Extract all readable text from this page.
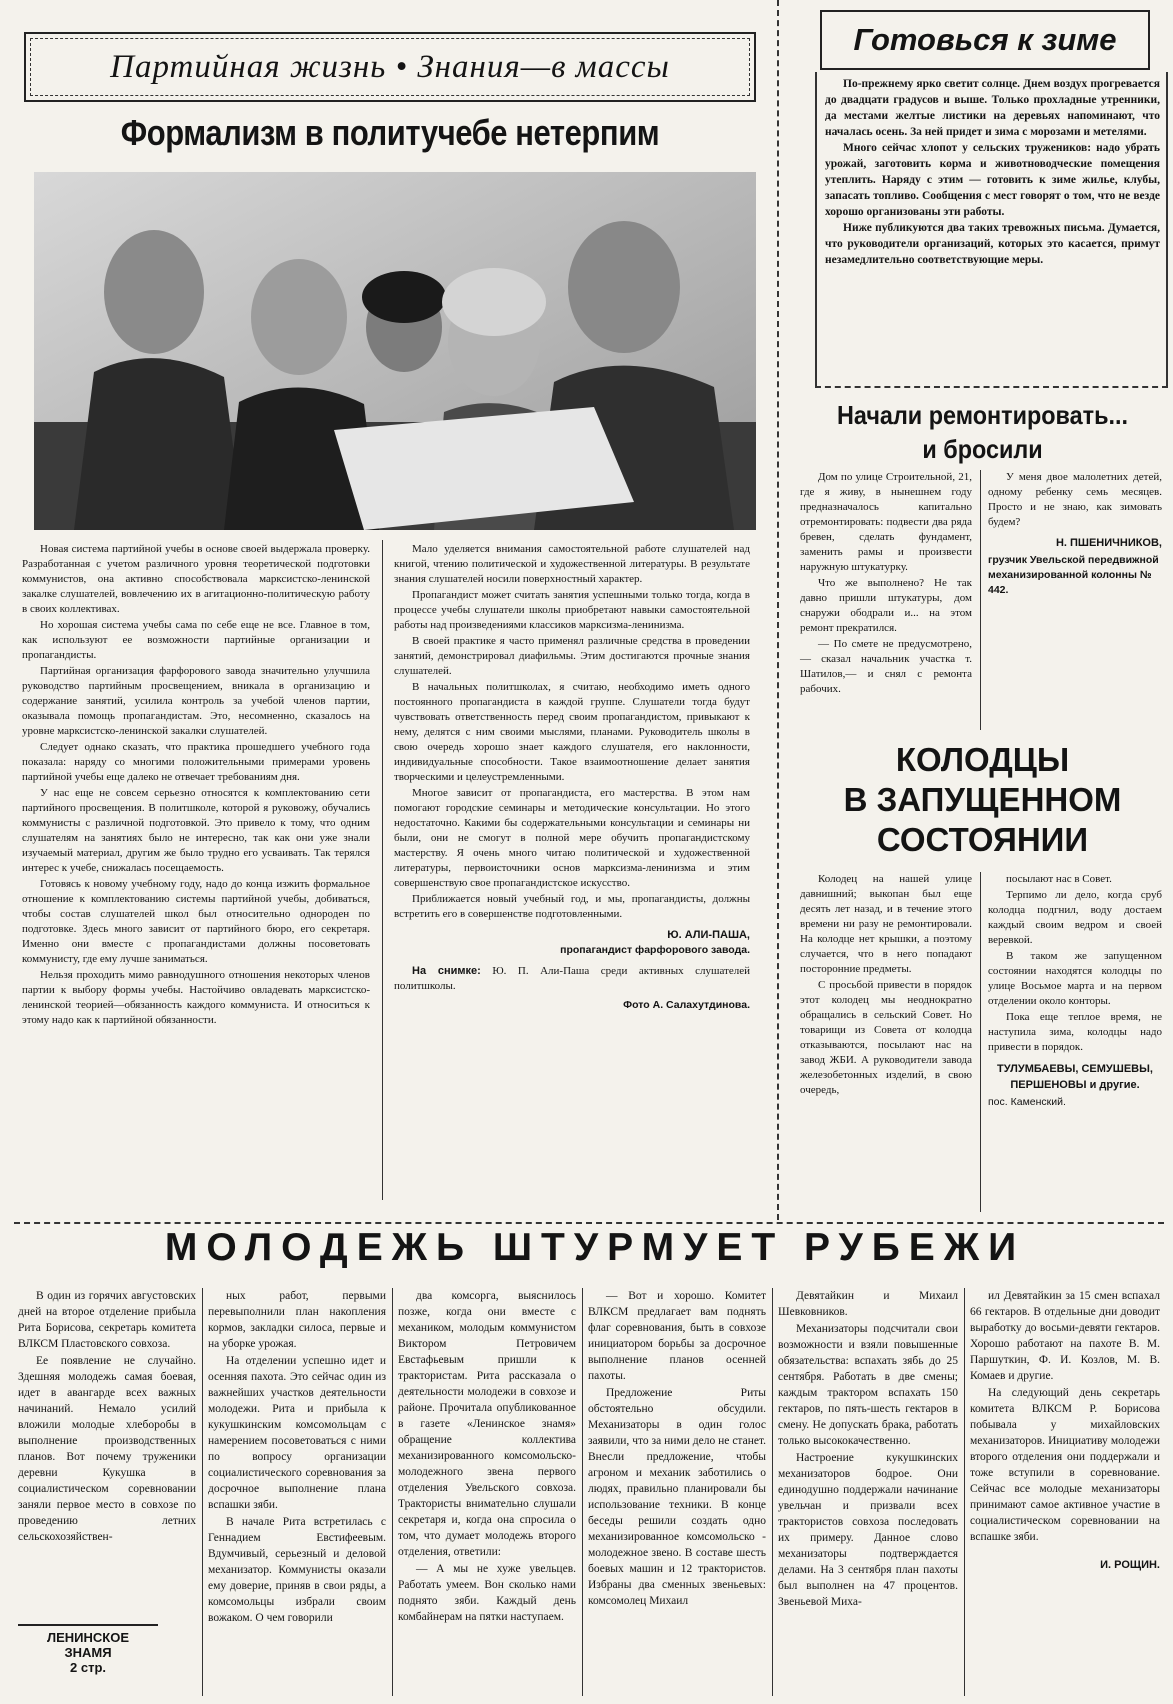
Партийная жизнь • Знания—в массы
Формализм в политучебе нетерпим

Новая система партийной учебы в основе своей выдержала проверку. Разработанная с учетом различного уровня теоретической подготовки коммунистов, она активно способствовала марксистско-ленинской закалке слушателей, вовлечению их в агитационно-политическую работу в своих коллективах.

Но хорошая система учебы сама по себе еще не все. Главное в том, как используют ее возможности партийные организации и пропагандисты.

Партийная организация фарфорового завода значительно улучшила руководство партийным просвещением, вникала в организацию и содержание занятий, усилила контроль за учебой членов партии, оказывала помощь пропагандистам. Это, несомненно, сказалось на уровне марксистско-ленинской закалки слушателей.

Следует однако сказать, что практика прошедшего учебного года показала: наряду со многими положительными примерами уровень партийной учебы еще далеко не отвечает требованиям дня.

У нас еще не совсем серьезно относятся к комплектованию сети партийного просвещения. В политшколе, которой я руковожу, обучались коммунисты с различной подготовкой. Это привело к тому, что одним слушателям на занятиях было не интересно, так как они уже знали изучаемый материал, другим же было трудно его усваивать. Так терялся интерес к учебе, снижалась посещаемость.

Готовясь к новому учебному году, надо до конца изжить формальное отношение к комплектованию системы партийной учебы, добиваться, чтобы состав слушателей школ был относительно однороден по подготовке. Здесь много зависит от партийного бюро, его секретаря. Именно они вместе с пропагандистами должны посоветовать коммунисту, где ему лучше заниматься.

Нельзя проходить мимо равнодушного отношения некоторых членов партии к выбору формы учебы. Настойчиво овладевать марксистско-ленинской теорией—обязанность каждого коммуниста. И относиться к этому надо как к партийной обязанности.

Мало уделяется внимания самостоятельной работе слушателей над книгой, чтению политической и художественной литературы. В результате знания слушателей носили поверхностный характер.

Пропагандист может считать занятия успешными только тогда, когда в процессе учебы слушатели школы приобретают навыки самостоятельной работы над произведениями классиков марксизма-ленинизма.

В своей практике я часто применял различные средства в проведении занятий, демонстрировал диафильмы. Этим достигаются прочные знания слушателей.

В начальных политшколах, я считаю, необходимо иметь одного постоянного пропагандиста в каждой группе. Слушатели тогда будут чувствовать ответственность перед своим пропагандистом, привыкают к нему, делятся с ним своими мыслями, планами. Руководитель школы в свою очередь хорошо знает каждого слушателя, его наклонности, индивидуальные способности. Такое взаимоотношение делает занятия творческими и целеустремленными.

Многое зависит от пропагандиста, его мастерства. В этом нам помогают городские семинары и методические консультации. Но этого недостаточно. Какими бы содержательными консультации и семинары ни были, они не смогут в полной мере обучить пропагандистскому мастерству. Я очень много читаю политической и художественной литературы, первоисточники основ марксизма-ленинизма и этим совершенствую свое пропагандистское искусство.

Приближается новый учебный год, и мы, пропагандисты, должны встретить его в совершенстве подготовленными.

Ю. АЛИ-ПАША,
пропагандист фарфорового завода.

На снимке: Ю. П. Али-Паша среди активных слушателей политшколы.

Фото А. Салахутдинова.
Готовься к зиме

По-прежнему ярко светит солнце. Днем воздух прогревается до двадцати градусов и выше. Только прохладные утренники, да местами желтые листики на деревьях напоминают, что началась осень. За ней придет и зима с морозами и метелями.

Много сейчас хлопот у сельских тружеников: надо убрать урожай, заготовить корма и животноводческие помещения утеплить. Наряду с этим — готовить к зиме жилье, клубы, запасать топливо. Сообщения с мест говорят о том, что не везде хорошо организованы эти работы.

Ниже публикуются два таких тревожных письма. Думается, что руководители организаций, которых это касается, примут незамедлительно соответствующие меры.

Начали ремонтировать...
и бросили

Дом по улице Строительной, 21, где я живу, в нынешнем году предназначалось капитально отремонтировать: подвести два ряда бревен, сделать фундамент, заменить рамы и произвести наружную штукатурку.

Что же выполнено? Не так давно пришли штукатуры, дом снаружи ободрали и... на этом ремонт прекратился.

— По смете не предусмотрено,— сказал начальник участка т. Шатилов,— и снял с ремонта рабочих.

У меня двое малолетних детей, одному ребенку семь месяцев. Просто и не знаю, как зимовать будем?

Н. ПШЕНИЧНИКОВ,
грузчик Увельской передвижной механизированной колонны № 442.
КОЛОДЦЫ
В ЗАПУЩЕННОМ
СОСТОЯНИИ

Колодец на нашей улице давнишний; выкопан был еще десять лет назад, и в течение этого времени ни разу не ремонтировали. На колодце нет крышки, а поэтому случается, что в него попадают посторонние предметы.

С просьбой привести в порядок этот колодец мы неоднократно обращались в сельский Совет. Но товарищи из Совета от колодца отказываются, посылают нас на завод ЖБИ. А руководители завода железобетонных изделий, в свою очередь,

посылают нас в Совет.

Терпимо ли дело, когда сруб колодца подгнил, воду достаем каждый своим ведром и своей веревкой.

В таком же запущенном состоянии находятся колодцы по улице Восьмое марта и на первом отделении около конторы.

Пока еще теплое время, не наступила зима, колодцы надо привести в порядок.

ТУЛУМБАЕВЫ, СЕМУШЕВЫ, ПЕРШЕНОВЫ и другие.
пос. Каменский.
МОЛОДЕЖЬ ШТУРМУЕТ РУБЕЖИ

В один из горячих августовских дней на второе отделение прибыла Рита Борисова, секретарь комитета ВЛКСМ Пластовского совхоза.

Ее появление не случайно. Здешняя молодежь самая боевая, идет в авангарде всех важных начинаний. Немало усилий вложили молодые хлеборобы в выполнение производственных планов. Вот почему труженики деревни Кукушка в социалистическом соревновании заняли первое место в совхозе по проведению летних сельскохозяйствен-

ЛЕНИНСКОЕ
ЗНАМЯ
2 стр.

ных работ, первыми перевыполнили план накопления кормов, закладки силоса, первые и на уборке урожая.

На отделении успешно идет и осенняя пахота. Это сейчас один из важнейших участков деятельности молодежи. Рита и прибыла к кукушкинским комсомольцам с намерением посоветоваться с ними по вопросу организации социалистического соревнования за досрочное выполнение плана вспашки зяби.

В начале Рита встретилась с Геннадием Евстифеевым. Вдумчивый, серьезный и деловой механизатор. Коммунисты оказали ему доверие, приняв в свои ряды, а комсомольцы избрали своим вожаком. О чем говорили

два комсорга, выяснилось позже, когда они вместе с механиком, молодым коммунистом Виктором Петровичем Евстафьевым пришли к трактористам. Рита рассказала о деятельности молодежи в совхозе и районе. Прочитала опубликованное в газете «Ленинское знамя» обращение коллектива механизированного комсомольско-молодежного звена первого отделения Увельского совхоза. Трактористы внимательно слушали секретаря и, когда она спросила о том, что думает молодежь второго отделения, ответили:

— А мы не хуже увельцев. Работать умеем. Вон сколько нами поднято зяби. Каждый день комбайнерам на пятки наступаем.

— Вот и хорошо. Комитет ВЛКСМ предлагает вам поднять флаг соревнования, быть в совхозе инициатором борьбы за досрочное выполнение планов осенней пахоты.

Предложение Риты обстоятельно обсудили. Механизаторы в один голос заявили, что за ними дело не станет. Внесли предложение, чтобы агроном и механик заботились о людях, правильно планировали бы использование техники. В конце беседы решили создать одно механизированное комсомольско - молодежное звено. В составе шесть боевых машин и 12 трактористов. Избраны два сменных звеньевых: комсомолец Михаил

Девятайкин и Михаил Шевковников.

Механизаторы подсчитали свои возможности и взяли повышенные обязательства: вспахать зябь до 25 сентября. Работать в две смены; каждым трактором вспахать 150 гектаров, по пять-шесть гектаров в смену. Не допускать брака, работать только высококачественно.

Настроение кукушкинских механизаторов бодрое. Они единодушно поддержали начинание увельчан и призвали всех трактористов совхоза последовать их примеру. Данное слово механизаторы подтверждается делами. На 3 сентября план пахоты был выполнен на 47 процентов. Звеньевой Миха-

ил Девятайкин за 15 смен вспахал 66 гектаров. В отдельные дни доводит выработку до восьми-девяти гектаров. Хорошо работают на пахоте В. М. Паршуткин, Ф. И. Козлов, М. В. Комаев и другие.

На следующий день секретарь комитета ВЛКСМ Р. Борисова побывала у михайловских механизаторов. Инициативу молодежи второго отделения они поддержали и тоже вступили в соревнование. Сейчас все молодые механизаторы принимают самое активное участие в социалистическом соревновании на вспашке зяби.

И. РОЩИН.
